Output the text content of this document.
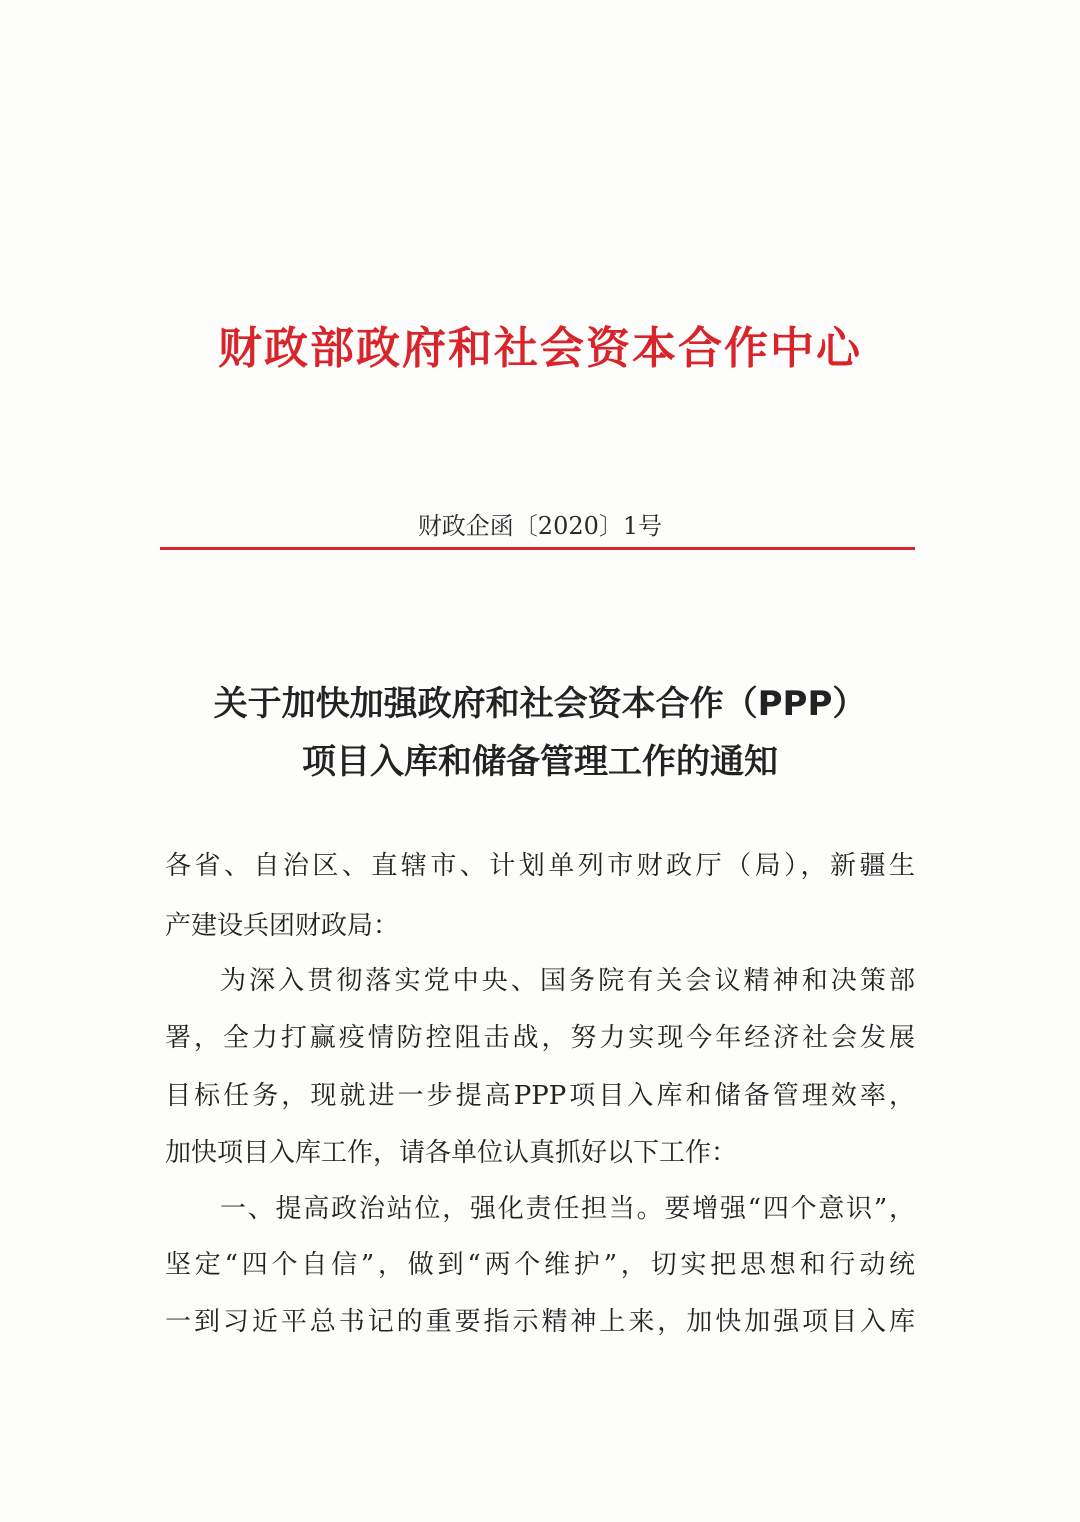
财政部政府和社会资本合作中心
财政企函〔2020〕1号
关于加快加强政府和社会资本合作（PPP）
项目入库和储备管理工作的通知
各省、自治区、直辖市、计划单列市财政厅（局），新疆生
产建设兵团财政局：
为深入贯彻落实党中央、国务院有关会议精神和决策部
署，全力打赢疫情防控阻击战，努力实现今年经济社会发展
目标任务，现就进一步提高PPP项目入库和储备管理效率，
加快项目入库工作，请各单位认真抓好以下工作：
一、提高政治站位，强化责任担当。要增强“四个意识”，
坚定“四个自信”，做到“两个维护”，切实把思想和行动统
一到习近平总书记的重要指示精神上来，加快加强项目入库
